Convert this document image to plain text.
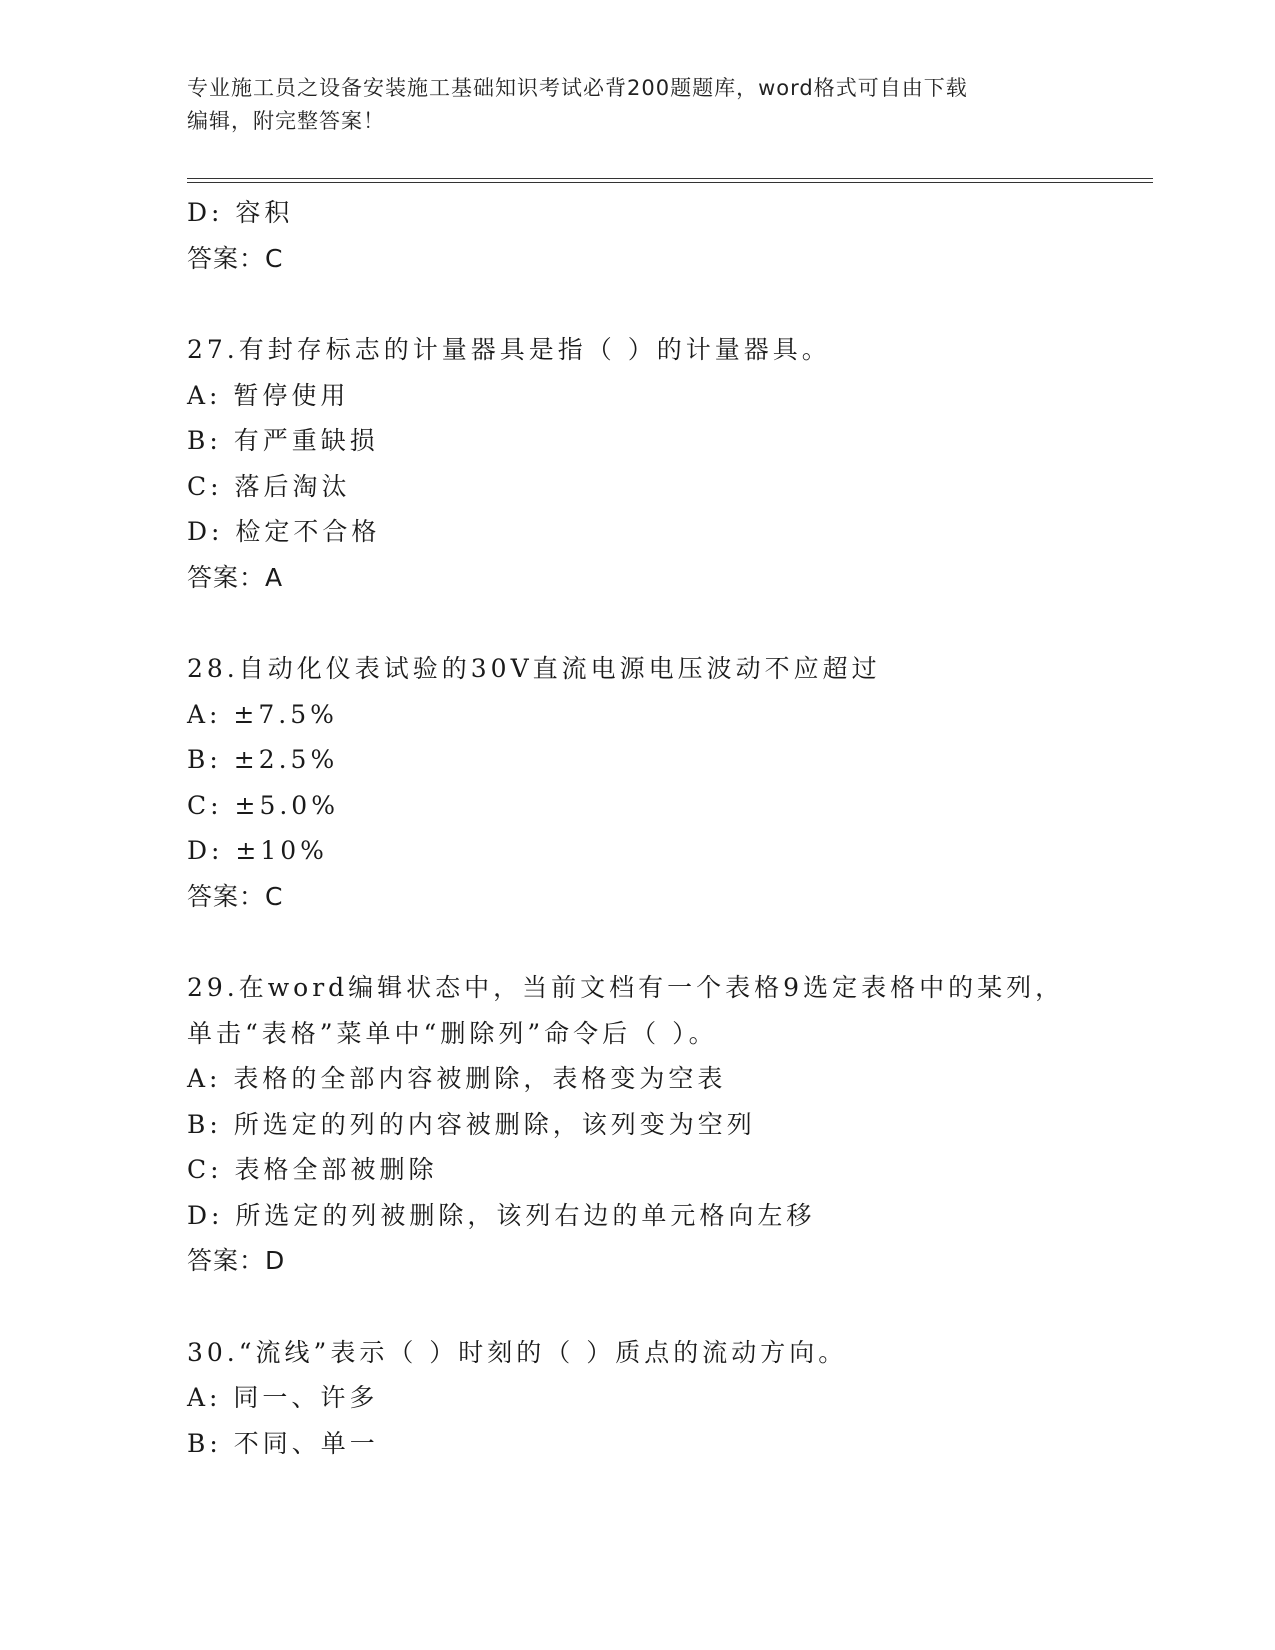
专业施工员之设备安装施工基础知识考试必背200题题库，word格式可自由下载
编辑，附完整答案！
D: 容积
答案：C
27.有封存标志的计量器具是指（ ）的计量器具。
A: 暂停使用
B: 有严重缺损
C: 落后淘汰
D: 检定不合格
答案：A
28.自动化仪表试验的30V直流电源电压波动不应超过
A: ±7.5%
B: ±2.5%
C: ±5.0%
D: ±10%
答案：C
29.在word编辑状态中，当前文档有一个表格9选定表格中的某列，
单击“表格”菜单中“删除列”命令后（ ）。
A: 表格的全部内容被删除，表格变为空表
B: 所选定的列的内容被删除，该列变为空列
C: 表格全部被删除
D: 所选定的列被删除，该列右边的单元格向左移
答案：D
30.“流线”表示（ ）时刻的（ ）质点的流动方向。
A: 同一、许多
B: 不同、单一
